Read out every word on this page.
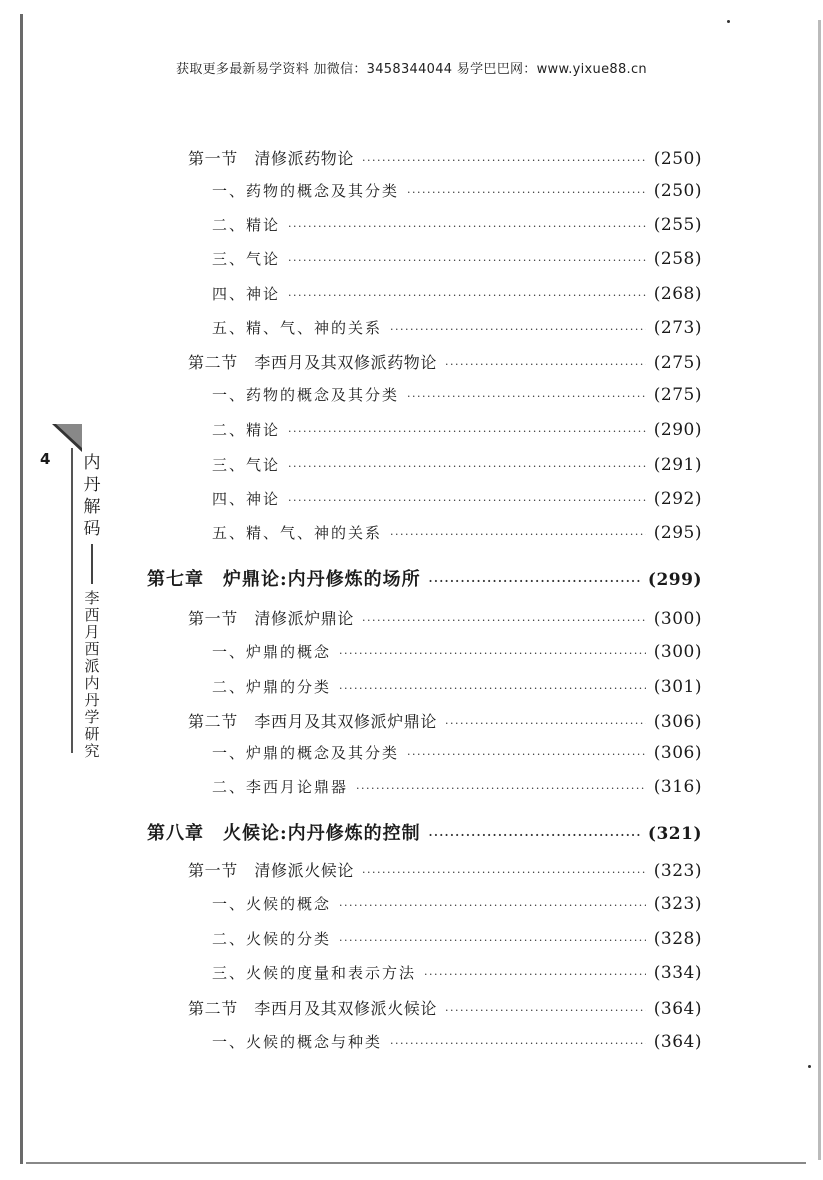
获取更多最新易学资料 加微信：3458344044 易学巴巴网：www.yixue88.cn
第一节　清修派药物论 ·····	(250)
一、药物的概念及其分类 ·····	(250)
二、精论 ·····	(255)
三、气论 ·····	(258)
四、神论 ·····	(268)
五、精、气、神的关系 ·····	(273)
第二节　李西月及其双修派药物论 ·····	(275)
一、药物的概念及其分类 ·····	(275)
二、精论 ·····	(290)
三、气论 ·····	(291)
四、神论 ·····	(292)
五、精、气、神的关系 ·····	(295)
第七章　炉鼎论:内丹修炼的场所 ·····	(299)
第一节　清修派炉鼎论 ·····	(300)
一、炉鼎的概念 ·····	(300)
二、炉鼎的分类 ·····	(301)
第二节　李西月及其双修派炉鼎论 ·····	(306)
一、炉鼎的概念及其分类 ·····	(306)
二、李西月论鼎器 ·····	(316)
第八章　火候论:内丹修炼的控制 ·····	(321)
第一节　清修派火候论 ·····	(323)
一、火候的概念 ·····	(323)
二、火候的分类 ·····	(328)
三、火候的度量和表示方法 ·····	(334)
第二节　李西月及其双修派火候论 ·····	(364)
一、火候的概念与种类 ·····	(364)
4 内丹解码
李西月西派内丹学研究
